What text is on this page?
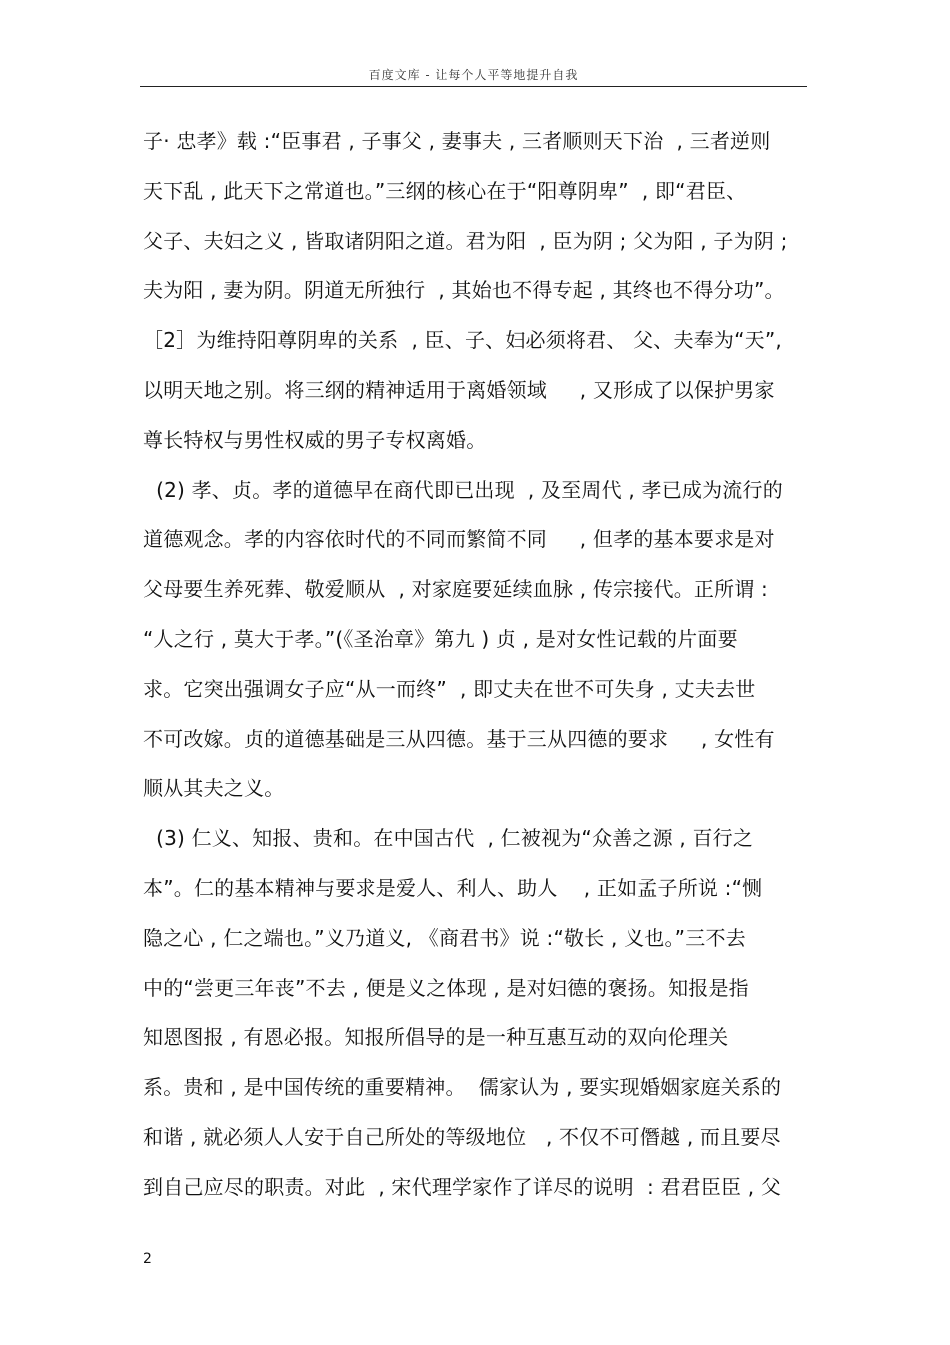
百度文库 - 让每个人平等地提升自我
子· 忠孝》载 :“臣事君 , 子事父 , 妻事夫 , 三者顺则天下治  , 三者逆则
天下乱 , 此天下之常道也。”三纲的核心在于“阳尊阴卑”  , 即“君臣、
父子、夫妇之义 , 皆取诸阴阳之道。君为阳  , 臣为阴 ; 父为阳 , 子为阴 ;
夫为阳 , 妻为阴。阴道无所独行  , 其始也不得专起 , 其终也不得分功”。
［2］为维持阳尊阴卑的关系  , 臣、子、妇必须将君、 父、夫奉为“天”,
以明天地之别。将三纲的精神适用于离婚领域     , 又形成了以保护男家
尊长特权与男性权威的男子专权离婚。
(2) 孝、贞。孝的道德早在商代即已出现  , 及至周代 , 孝已成为流行的
道德观念。孝的内容依时代的不同而繁简不同     , 但孝的基本要求是对
父母要生养死葬、敬爱顺从  , 对家庭要延续血脉 , 传宗接代。正所谓 :
“人之行 , 莫大于孝。”(《圣治章》第九 ) 贞 , 是对女性记载的片面要
求。它突出强调女子应“从一而终”  , 即丈夫在世不可失身 , 丈夫去世
不可改嫁。贞的道德基础是三从四德。基于三从四德的要求     , 女性有
顺从其夫之义。
(3) 仁义、知报、贵和。在中国古代  , 仁被视为“众善之源 , 百行之
本”。仁的基本精神与要求是爱人、利人、助人    , 正如孟子所说 :“恻
隐之心 , 仁之端也。”义乃道义, 《商君书》说 :“敬长 , 义也。”三不去
中的“尝更三年丧”不去 , 便是义之体现 , 是对妇德的褒扬。知报是指
知恩图报 , 有恩必报。知报所倡导的是一种互惠互动的双向伦理关
系。贵和 , 是中国传统的重要精神。  儒家认为 , 要实现婚姻家庭关系的
和谐 , 就必须人人安于自己所处的等级地位   , 不仅不可僭越 , 而且要尽
到自己应尽的职责。对此  , 宋代理学家作了详尽的说明  : 君君臣臣 , 父
2
